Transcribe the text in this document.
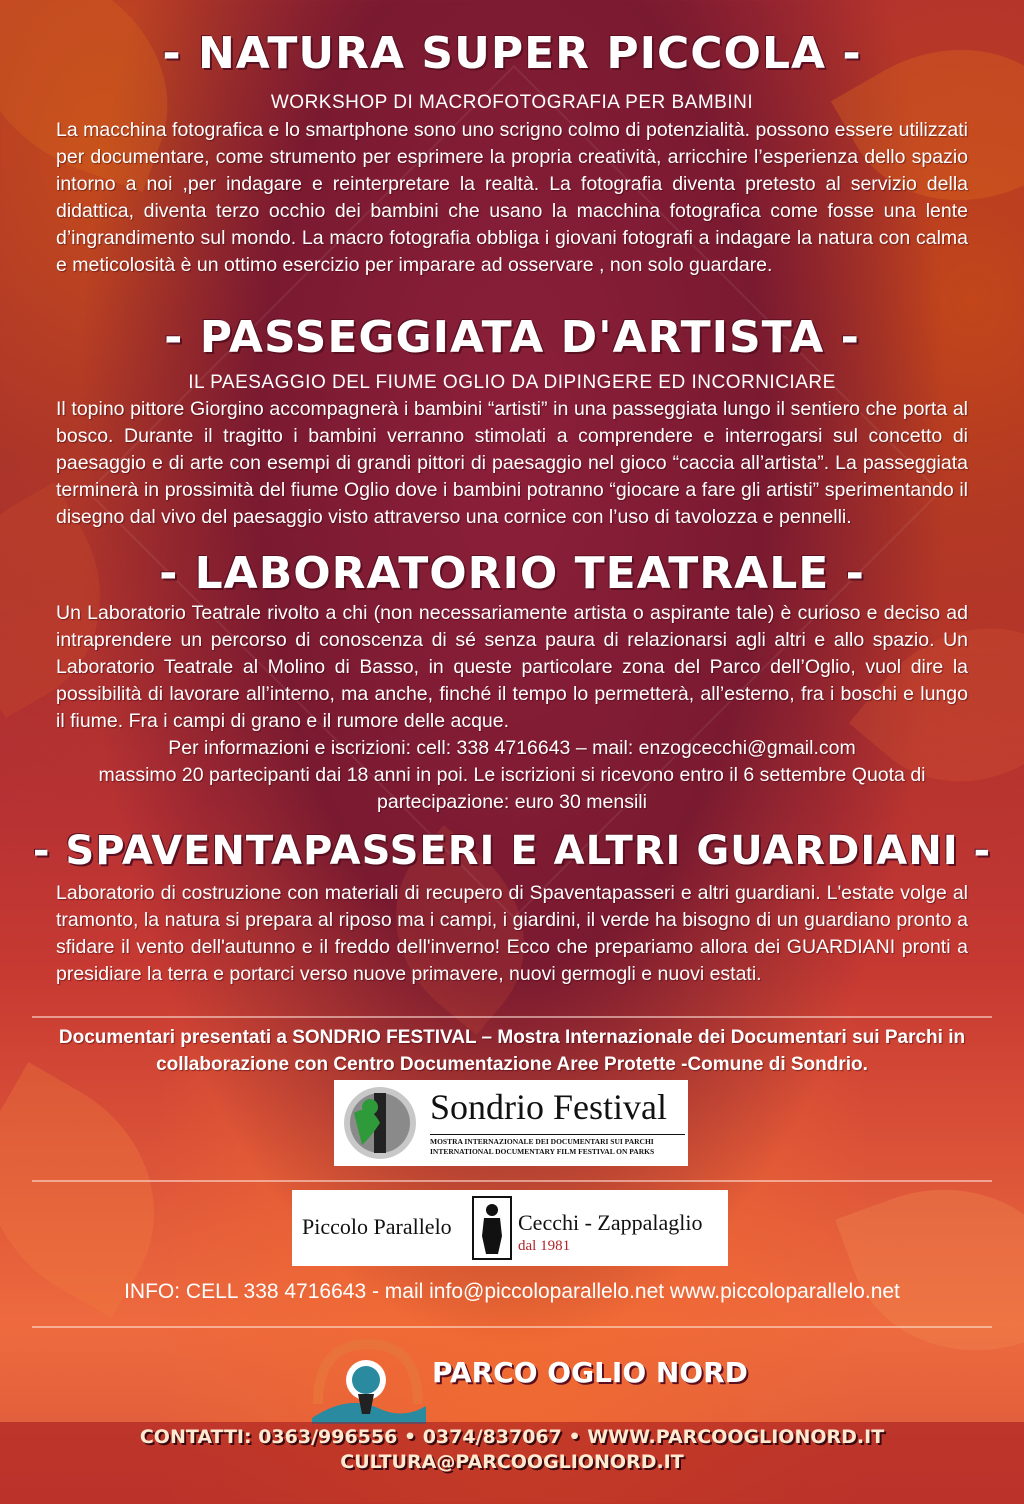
- NATURA SUPER PICCOLA -
WORKSHOP DI MACROFOTOGRAFIA PER BAMBINI
La macchina fotografica e lo smartphone sono uno scrigno colmo di potenzialità. possono essere utilizzati per documentare, come strumento per esprimere la propria creatività, arricchire l’esperienza dello spazio intorno a noi ,per indagare e reinterpretare la realtà. La fotografia diventa pretesto al servizio della didattica, diventa terzo occhio dei bambini che usano la macchina fotografica come fosse una lente d’ingrandimento sul mondo. La macro fotografia obbliga i giovani fotografi a indagare la natura con calma e meticolosità è un ottimo esercizio per imparare ad osservare , non solo guardare.
- PASSEGGIATA D'ARTISTA -
IL PAESAGGIO DEL FIUME OGLIO DA DIPINGERE ED INCORNICIARE
Il topino pittore Giorgino accompagnerà i bambini “artisti” in una passeggiata lungo il sentiero che porta al bosco. Durante il tragitto i bambini verranno stimolati a comprendere e interrogarsi sul concetto di paesaggio e di arte con esempi di grandi pittori di paesaggio nel gioco “caccia all’artista”. La passeggiata terminerà in prossimità del fiume Oglio dove i bambini potranno “giocare a fare gli artisti” sperimentando il disegno dal vivo del paesaggio visto attraverso una cornice con l’uso di tavolozza e pennelli.
- LABORATORIO TEATRALE -
Un Laboratorio Teatrale rivolto a chi (non necessariamente artista o aspirante tale) è curioso e deciso ad intraprendere un percorso di conoscenza di sé senza paura di relazionarsi agli altri e allo spazio. Un Laboratorio Teatrale al Molino di Basso, in queste particolare zona del Parco dell’Oglio, vuol dire la possibilità di lavorare all’interno, ma anche, finché il tempo lo permetterà, all’esterno, fra i boschi e lungo il fiume. Fra i campi di grano e il rumore delle acque.
Per informazioni e iscrizioni: cell: 338 4716643 – mail: enzogcecchi@gmail.com
massimo 20 partecipanti dai 18 anni in poi. Le iscrizioni si ricevono entro il 6 settembre Quota di partecipazione: euro 30 mensili
- SPAVENTAPASSERI E ALTRI GUARDIANI -
Laboratorio di costruzione con materiali di recupero di Spaventapasseri e altri guardiani. L'estate volge al tramonto, la natura si prepara al riposo ma i campi, i giardini, il verde ha bisogno di un guardiano pronto a sfidare il vento dell'autunno e il freddo dell'inverno! Ecco che prepariamo allora dei GUARDIANI pronti a presidiare la terra e portarci verso nuove primavere, nuovi germogli e nuovi estati.
Documentari presentati a SONDRIO FESTIVAL – Mostra Internazionale dei Documentari sui Parchi in collaborazione con Centro Documentazione Aree Protette -Comune di Sondrio.
Sondrio Festival
MOSTRA INTERNAZIONALE DEI DOCUMENTARI SUI PARCHI
INTERNATIONAL DOCUMENTARY FILM FESTIVAL ON PARKS
Piccolo Parallelo	Cecchi - Zappalaglio
dal 1981
INFO: CELL 338 4716643 - mail info@piccoloparallelo.net www.piccoloparallelo.net
PARCO OGLIO NORD
CONTATTI: 0363/996556 • 0374/837067 • WWW.PARCOOGLIONORD.IT
CULTURA@PARCOOGLIONORD.IT
